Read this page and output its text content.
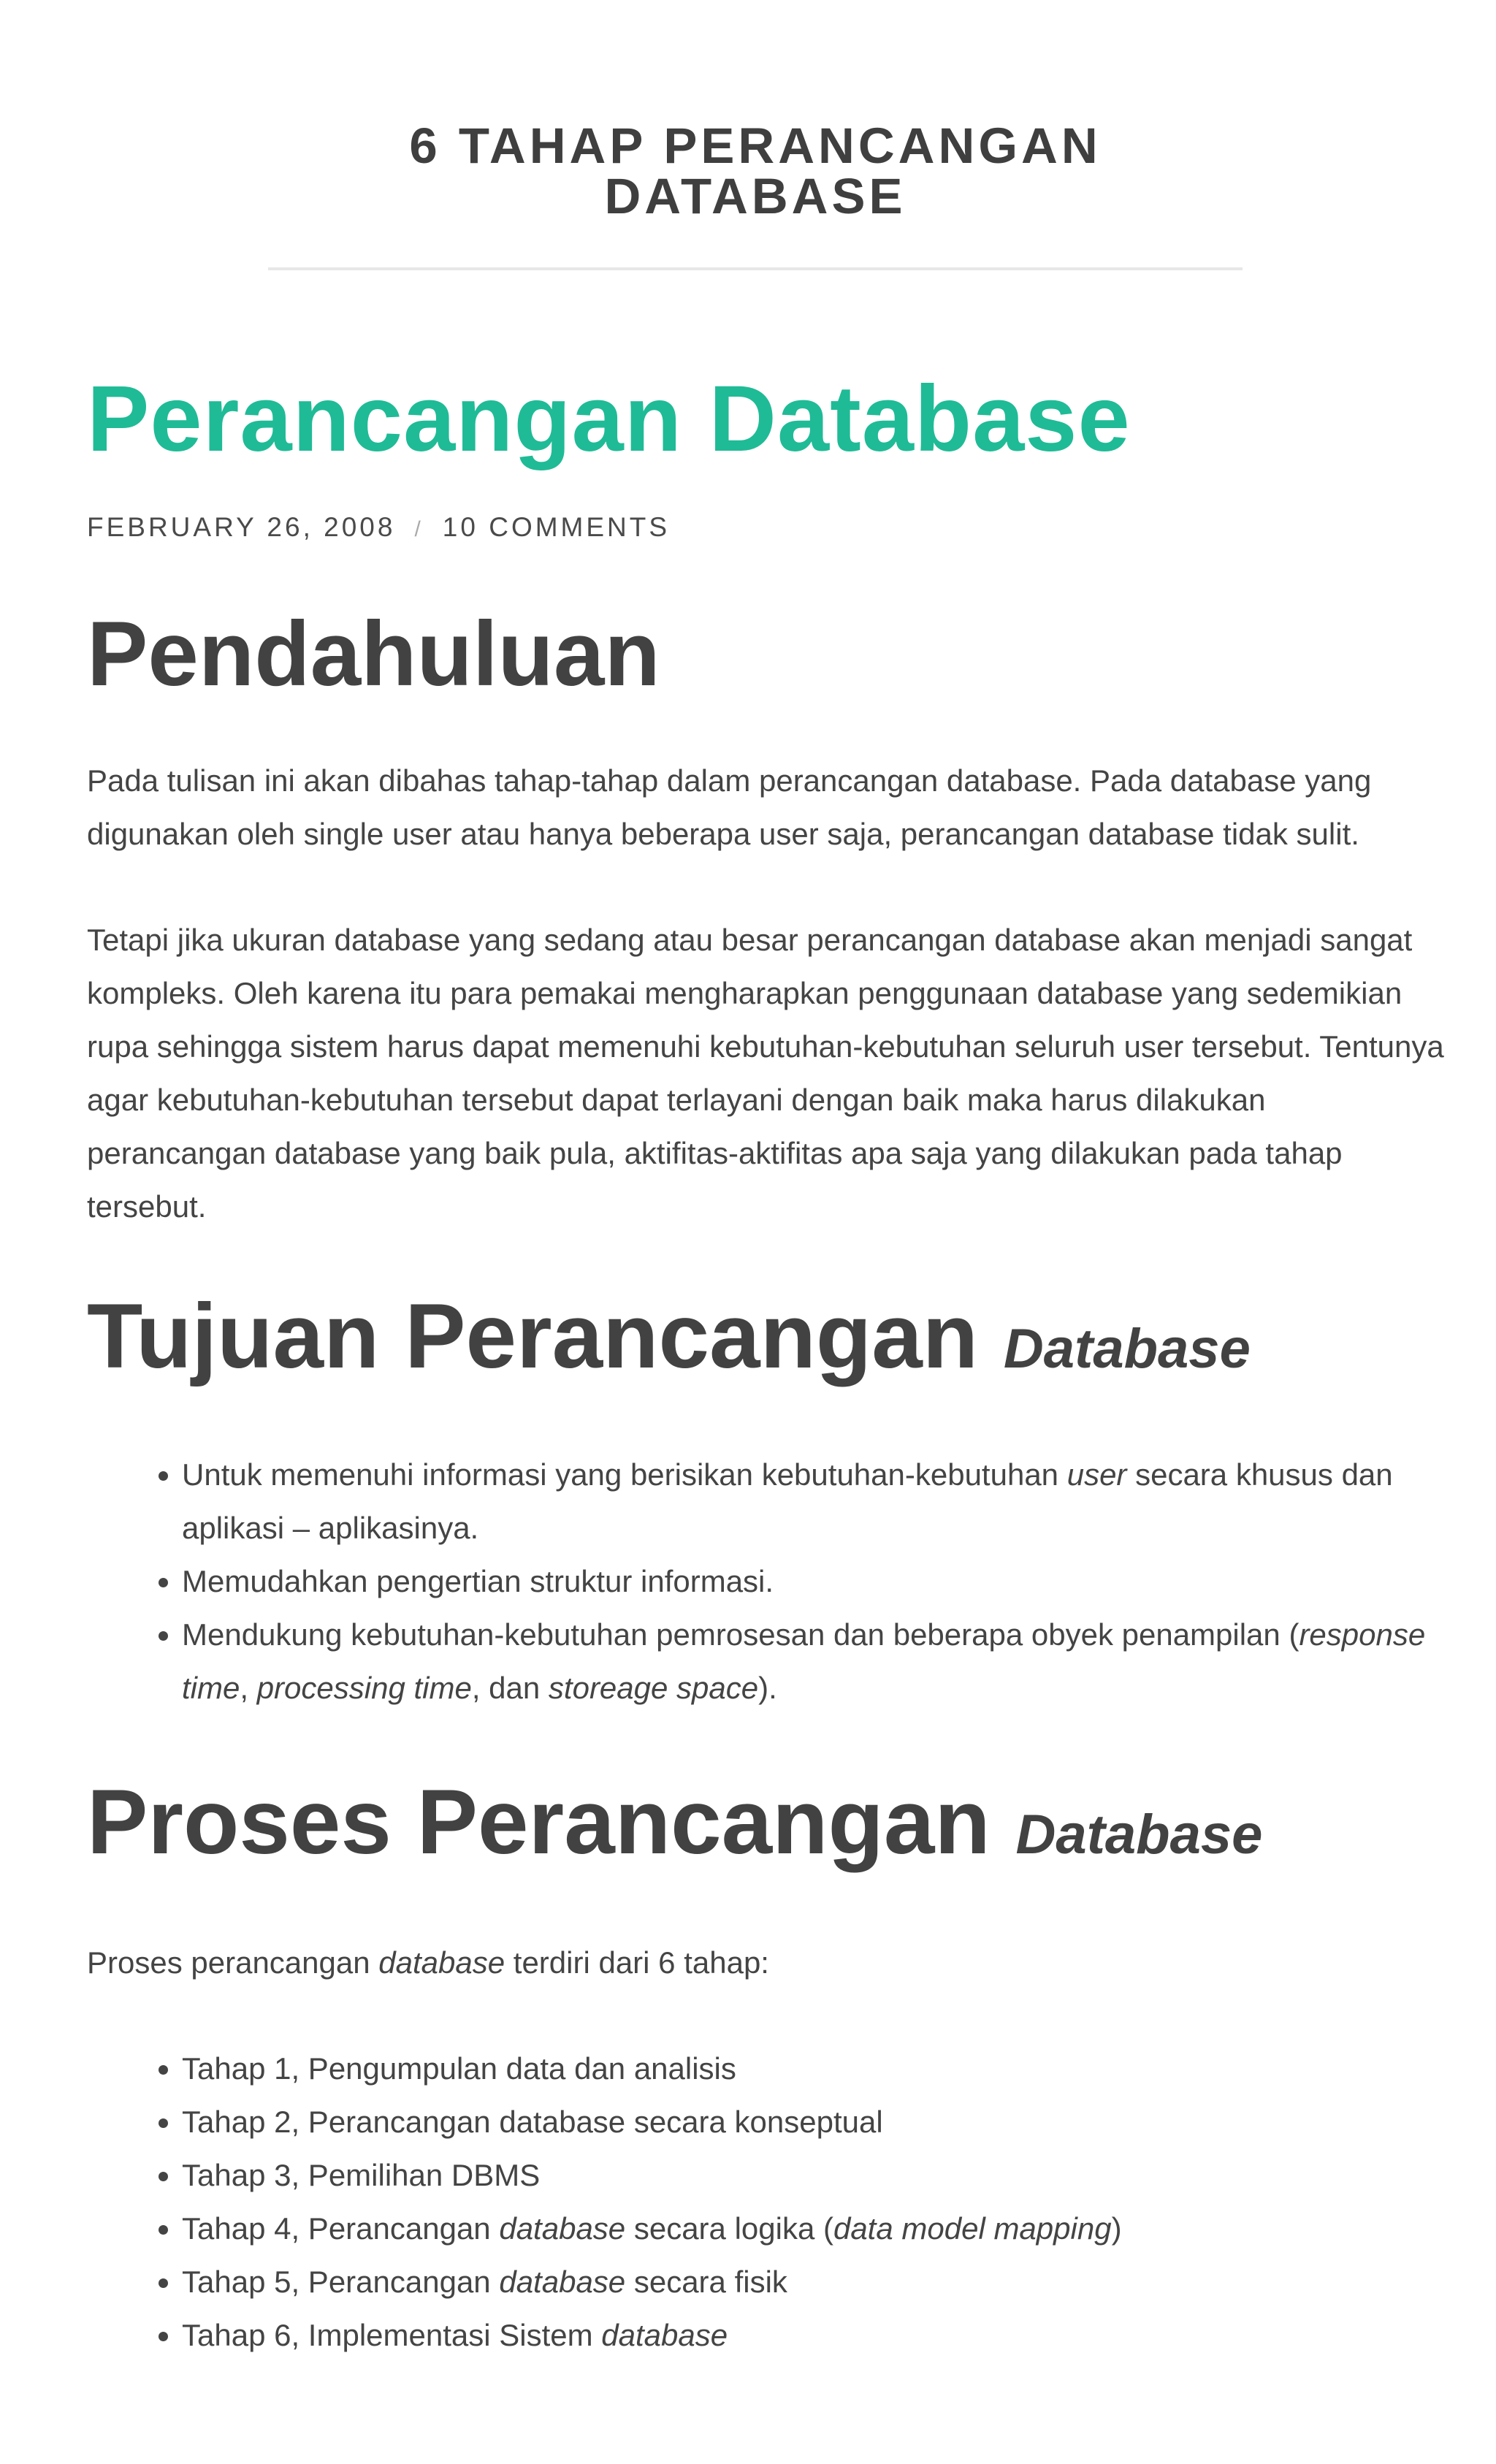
6 TAHAP PERANCANGAN DATABASE
Perancangan Database
FEBRUARY 26, 2008 / 10 COMMENTS
Pendahuluan

Pada tulisan ini akan dibahas tahap-tahap dalam perancangan database. Pada database yang digunakan oleh single user atau hanya beberapa user saja, perancangan database tidak sulit.

Tetapi jika ukuran database yang sedang atau besar perancangan database akan menjadi sangat kompleks. Oleh karena itu para pemakai mengharapkan penggunaan database yang sedemikian rupa sehingga sistem harus dapat memenuhi kebutuhan-kebutuhan seluruh user tersebut. Tentunya agar kebutuhan-kebutuhan tersebut dapat terlayani dengan baik maka harus dilakukan perancangan database yang baik pula, aktifitas-aktifitas apa saja yang dilakukan pada tahap tersebut.

Tujuan Perancangan Database
• Untuk memenuhi informasi yang berisikan kebutuhan-kebutuhan user secara khusus dan aplikasi – aplikasinya.
• Memudahkan pengertian struktur informasi.
• Mendukung kebutuhan-kebutuhan pemrosesan dan beberapa obyek penampilan (response time, processing time, dan storeage space).
Proses Perancangan Database

Proses perancangan database terdiri dari 6 tahap:

• Tahap 1, Pengumpulan data dan analisis
• Tahap 2, Perancangan database secara konseptual
• Tahap 3, Pemilihan DBMS
• Tahap 4, Perancangan database secara logika (data model mapping)
• Tahap 5, Perancangan database secara fisik
• Tahap 6, Implementasi Sistem database
